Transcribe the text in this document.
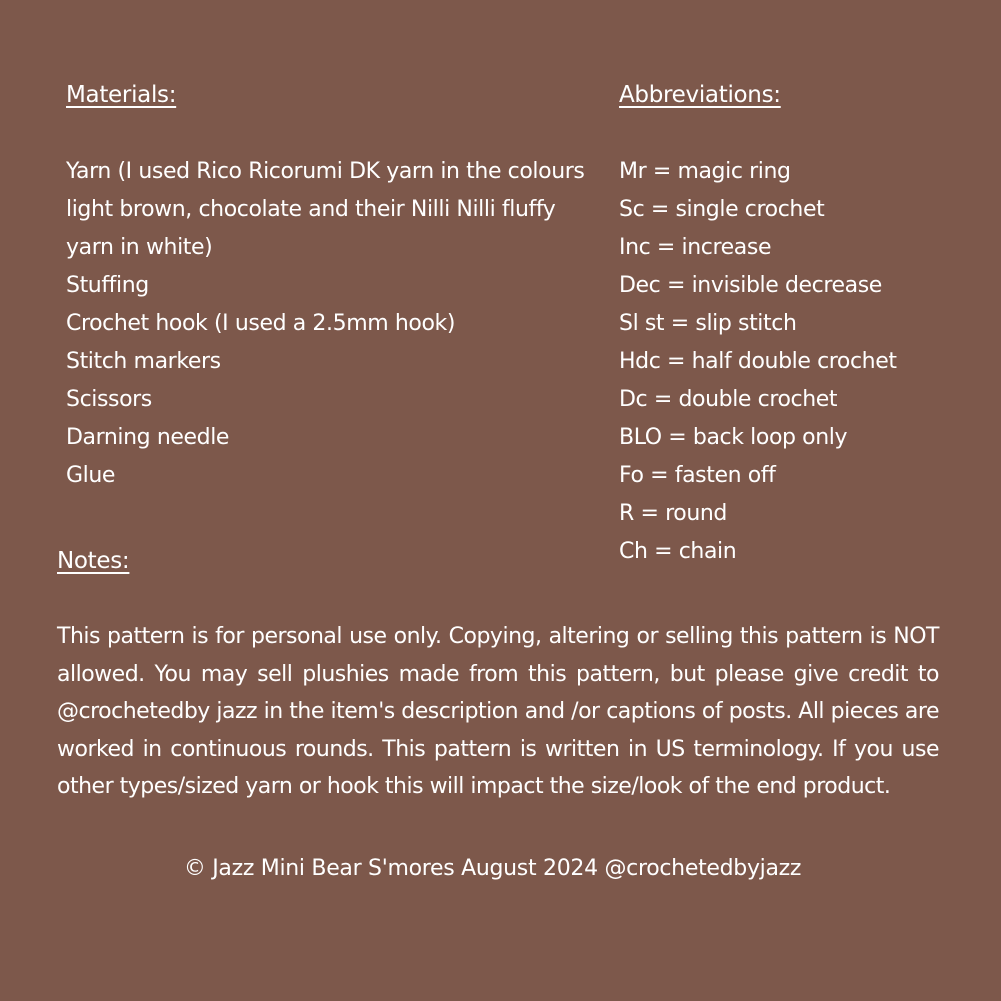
Materials:
Yarn (I used Rico Ricorumi DK yarn in the colours light brown, chocolate and their Nilli Nilli fluffy yarn in white)
Stuffing
Crochet hook (I used a 2.5mm hook)
Stitch markers
Scissors
Darning needle
Glue
Abbreviations:
Mr = magic ring
Sc = single crochet
Inc = increase
Dec = invisible decrease
Sl st = slip stitch
Hdc = half double crochet
Dc = double crochet
BLO = back loop only
Fo = fasten off
R = round
Ch = chain
Notes:

This pattern is for personal use only. Copying, altering or selling this pattern is NOT allowed. You may sell plushies made from this pattern, but please give credit to @crochetedby jazz in the item's description and /or captions of posts. All pieces are worked in continuous rounds. This pattern is written in US terminology. If you use other types/sized yarn or hook this will impact the size/look of the end product.

© Jazz Mini Bear S'mores August 2024 @crochetedbyjazz
